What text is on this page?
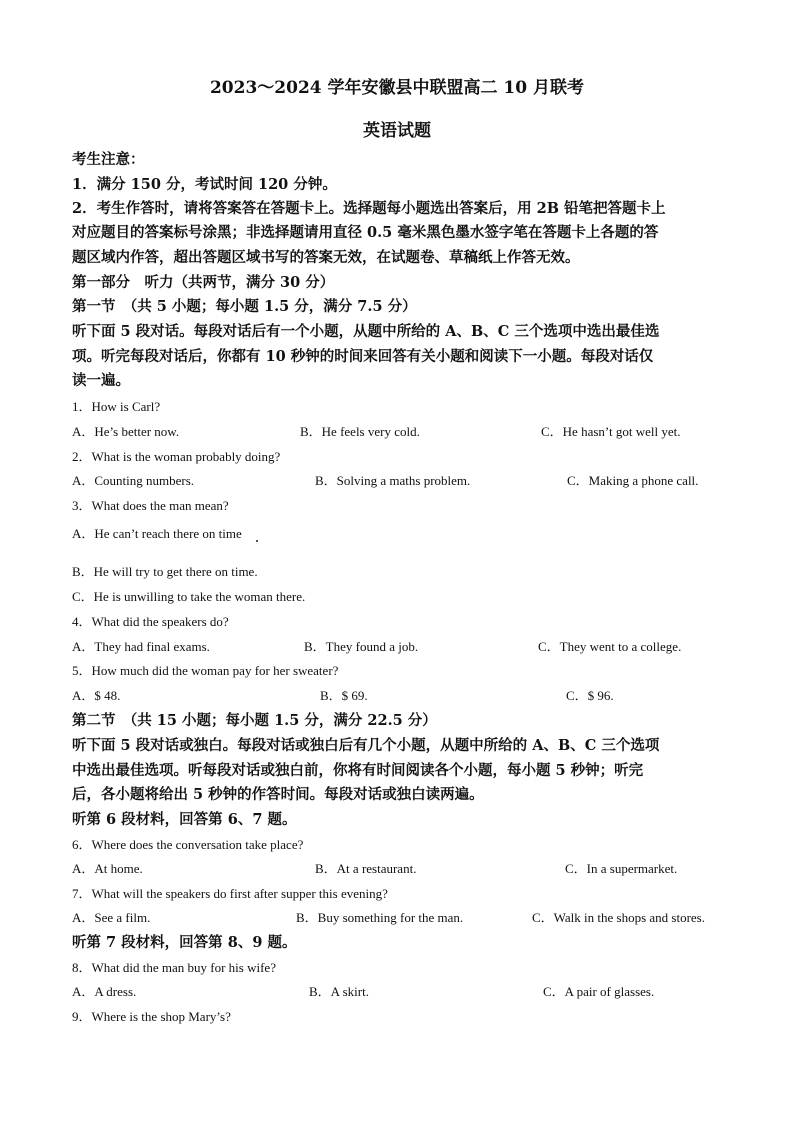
2023～2024 学年安徽县中联盟高二 10 月联考
英语试题
考生注意：
1．满分 150 分，考试时间 120 分钟。
2．考生作答时，请将答案答在答题卡上。选择题每小题选出答案后，用 2B 铅笔把答题卡上
对应题目的答案标号涂黑；非选择题请用直径 0.5 毫米黑色墨水签字笔在答题卡上各题的答
题区域内作答，超出答题区域书写的答案无效，在试题卷、草稿纸上作答无效。
第一部分　听力（共两节，满分 30 分）
第一节　（共 5 小题；每小题 1.5 分，满分 7.5 分）
听下面 5 段对话。每段对话后有一个小题，从题中所给的 A、B、C 三个选项中选出最佳选
项。听完每段对话后，你都有 10 秒钟的时间来回答有关小题和阅读下一小题。每段对话仅
读一遍。
1．How is Carl?
A．He’s better now.	B．He feels very cold.	C．He hasn’t got well yet.
2．What is the woman probably doing?
A．Counting numbers.	B．Solving a maths problem.	C．Making a phone call.
3．What does the man mean?
A．He can’t reach there on time
B．He will try to get there on time.
C．He is unwilling to take the woman there.
4．What did the speakers do?
A．They had final exams.	B．They found a job.	C．They went to a college.
5．How much did the woman pay for her sweater?
A．$ 48.	B．$ 69.	C．$ 96.
第二节　（共 15 小题；每小题 1.5 分，满分 22.5 分）
听下面 5 段对话或独白。每段对话或独白后有几个小题，从题中所给的 A、B、C 三个选项
中选出最佳选项。听每段对话或独白前，你将有时间阅读各个小题，每小题 5 秒钟；听完
后，各小题将给出 5 秒钟的作答时间。每段对话或独白读两遍。
听第 6 段材料，回答第 6、7 题。
6．Where does the conversation take place?
A．At home.	B．At a restaurant.	C．In a supermarket.
7．What will the speakers do first after supper this evening?
A．See a film.	B．Buy something for the man.	C．Walk in the shops and stores.
听第 7 段材料，回答第 8、9 题。
8．What did the man buy for his wife?
A．A dress.	B．A skirt.	C．A pair of glasses.
9．Where is the shop Mary’s?
